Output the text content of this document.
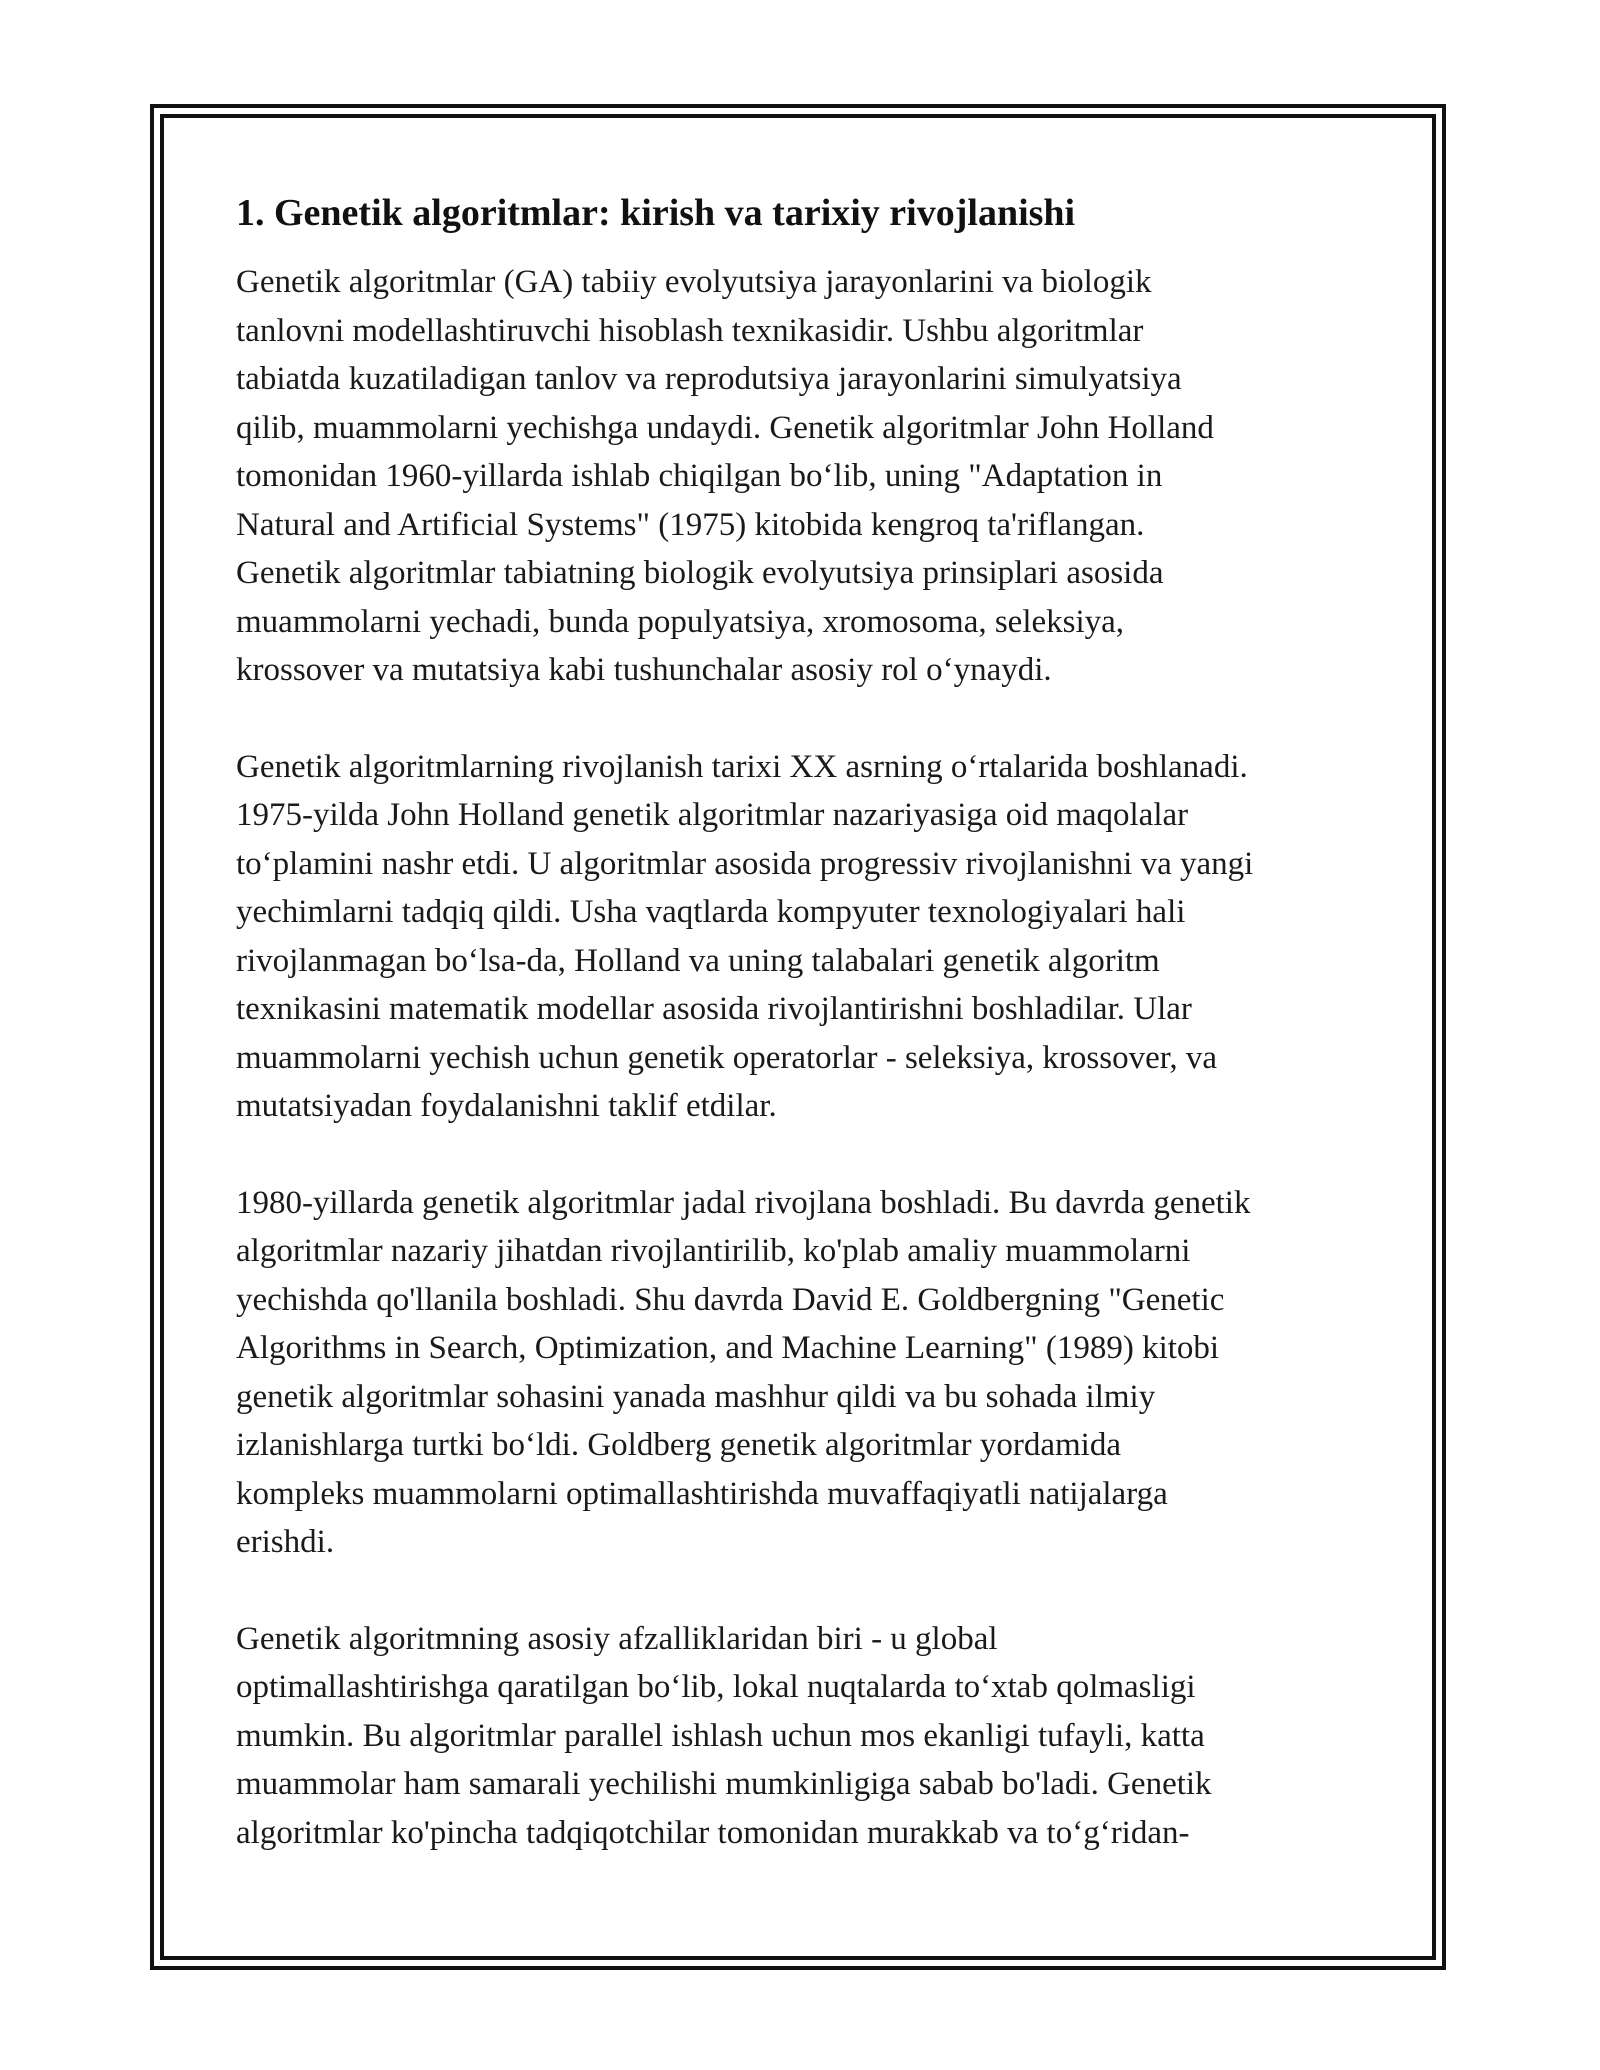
1. Genetik algoritmlar: kirish va tarixiy rivojlanishi

Genetik algoritmlar (GA) tabiiy evolyutsiya jarayonlarini va biologik
tanlovni modellashtiruvchi hisoblash texnikasidir. Ushbu algoritmlar
tabiatda kuzatiladigan tanlov va reprodutsiya jarayonlarini simulyatsiya
qilib, muammolarni yechishga undaydi. Genetik algoritmlar John Holland
tomonidan 1960-yillarda ishlab chiqilgan bo‘lib, uning "Adaptation in
Natural and Artificial Systems" (1975) kitobida kengroq ta'riflangan.
Genetik algoritmlar tabiatning biologik evolyutsiya prinsiplari asosida
muammolarni yechadi, bunda populyatsiya, xromosoma, seleksiya,
krossover va mutatsiya kabi tushunchalar asosiy rol o‘ynaydi.

Genetik algoritmlarning rivojlanish tarixi XX asrning o‘rtalarida boshlanadi.
1975-yilda John Holland genetik algoritmlar nazariyasiga oid maqolalar
to‘plamini nashr etdi. U algoritmlar asosida progressiv rivojlanishni va yangi
yechimlarni tadqiq qildi. Usha vaqtlarda kompyuter texnologiyalari hali
rivojlanmagan bo‘lsa-da, Holland va uning talabalari genetik algoritm
texnikasini matematik modellar asosida rivojlantirishni boshladilar. Ular
muammolarni yechish uchun genetik operatorlar - seleksiya, krossover, va
mutatsiyadan foydalanishni taklif etdilar.

1980-yillarda genetik algoritmlar jadal rivojlana boshladi. Bu davrda genetik
algoritmlar nazariy jihatdan rivojlantirilib, ko'plab amaliy muammolarni
yechishda qo'llanila boshladi. Shu davrda David E. Goldbergning "Genetic
Algorithms in Search, Optimization, and Machine Learning" (1989) kitobi
genetik algoritmlar sohasini yanada mashhur qildi va bu sohada ilmiy
izlanishlarga turtki bo‘ldi. Goldberg genetik algoritmlar yordamida
kompleks muammolarni optimallashtirishda muvaffaqiyatli natijalarga
erishdi.

Genetik algoritmning asosiy afzalliklaridan biri - u global
optimallashtirishga qaratilgan bo‘lib, lokal nuqtalarda to‘xtab qolmasligi
mumkin. Bu algoritmlar parallel ishlash uchun mos ekanligi tufayli, katta
muammolar ham samarali yechilishi mumkinligiga sabab bo'ladi. Genetik
algoritmlar ko'pincha tadqiqotchilar tomonidan murakkab va to‘g‘ridan-
